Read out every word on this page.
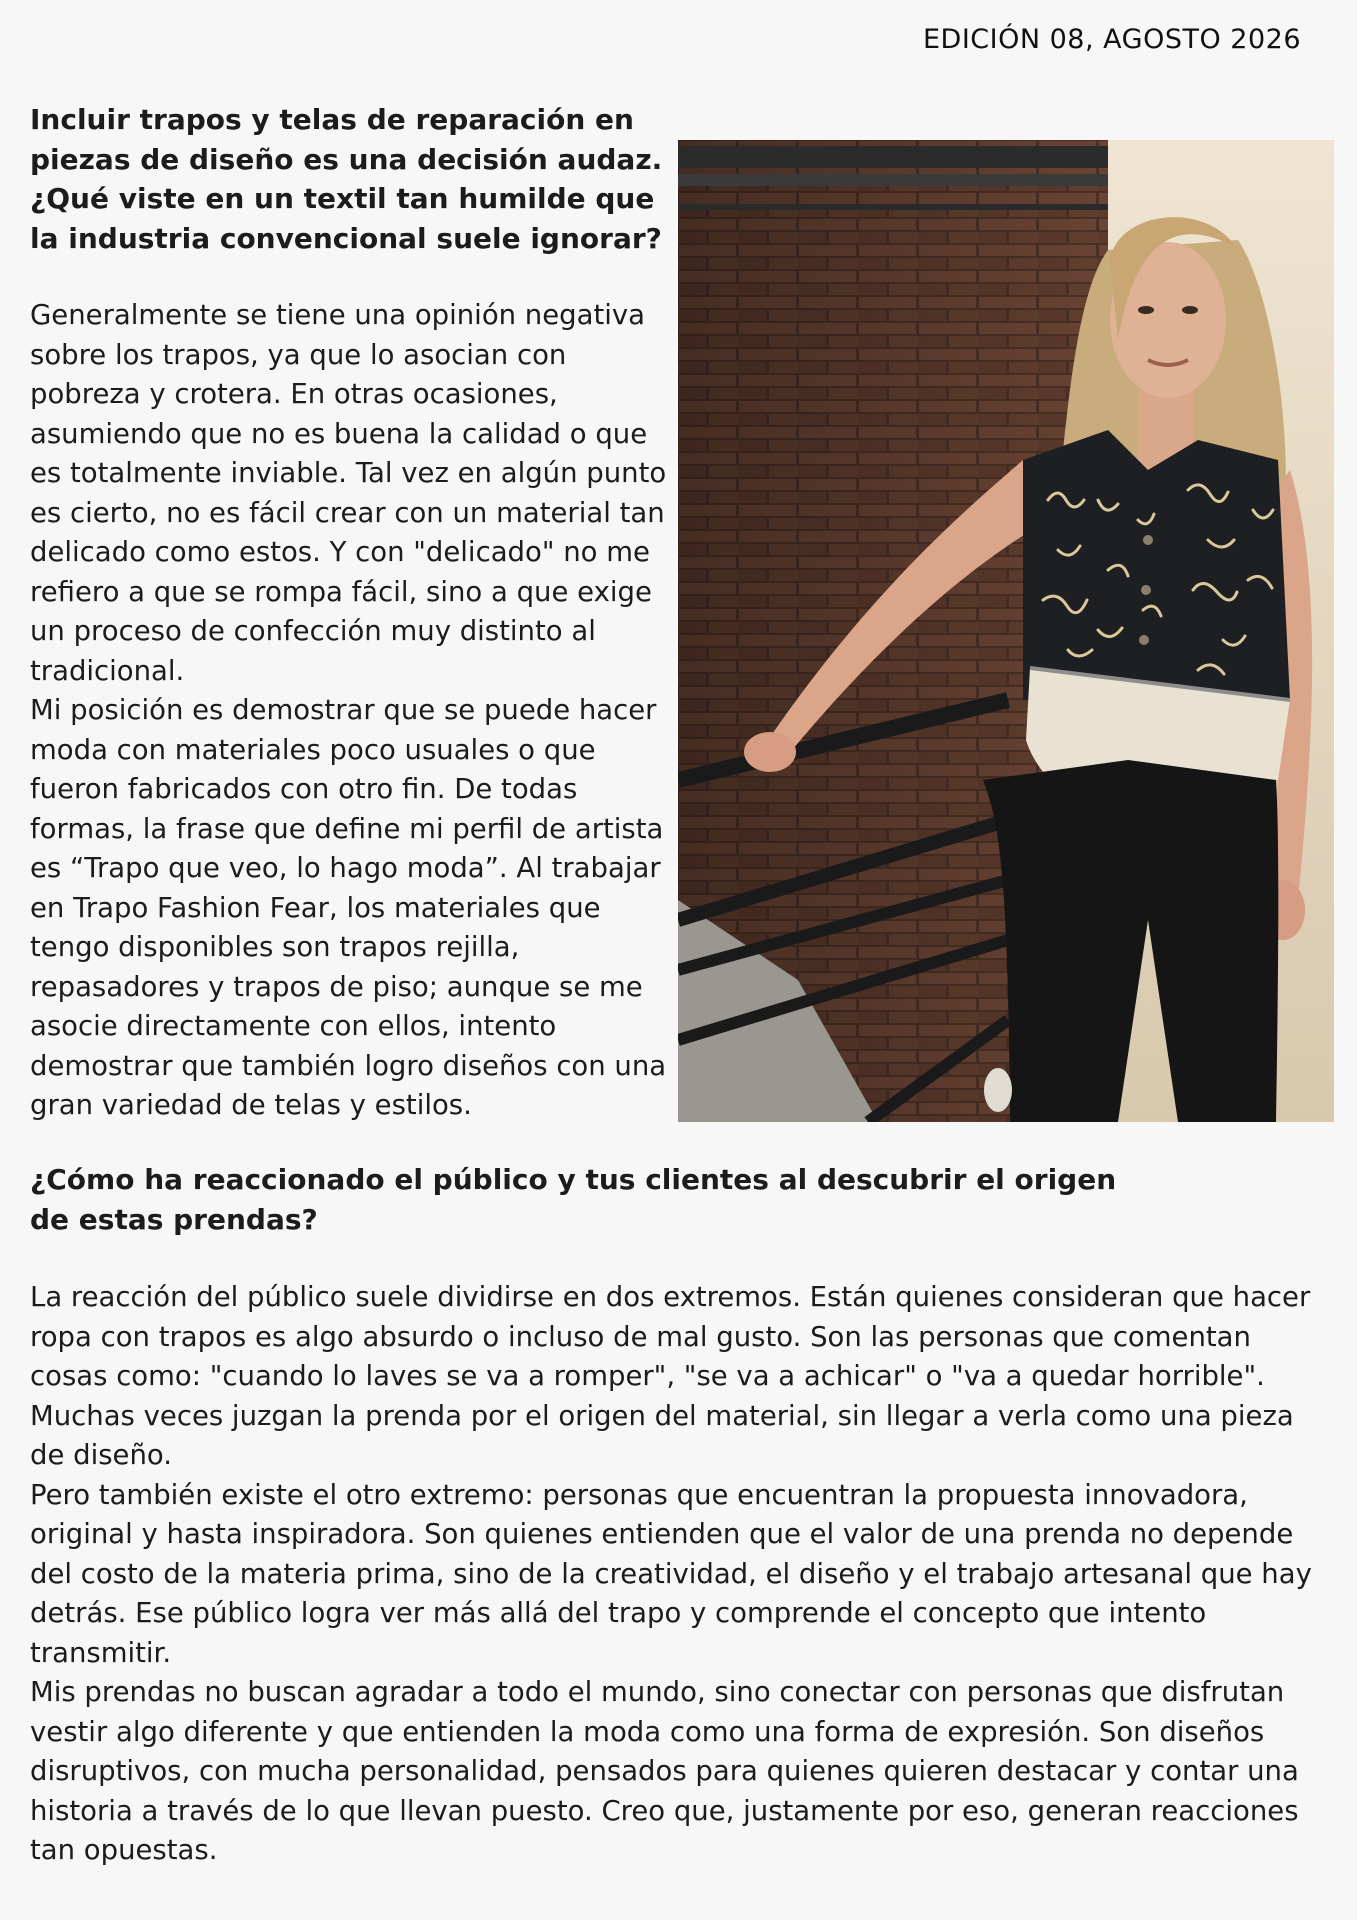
EDICIÓN 08, AGOSTO 2026
Incluir trapos y telas de reparación en piezas de diseño es una decisión audaz. ¿Qué viste en un textil tan humilde que la industria convencional suele ignorar?

Generalmente se tiene una opinión negativa sobre los trapos, ya que lo asocian con pobreza y crotera. En otras ocasiones, asumiendo que no es buena la calidad o que es totalmente inviable. Tal vez en algún punto es cierto, no es fácil crear con un material tan delicado como estos. Y con "delicado" no me refiero a que se rompa fácil, sino a que exige un proceso de confección muy distinto al tradicional.

Mi posición es demostrar que se puede hacer moda con materiales poco usuales o que fueron fabricados con otro fin. De todas formas, la frase que define mi perfil de artista es “Trapo que veo, lo hago moda”. Al trabajar en Trapo Fashion Fear, los materiales que tengo disponibles son trapos rejilla, repasadores y trapos de piso; aunque se me asocie directamente con ellos, intento demostrar que también logro diseños con una gran variedad de telas y estilos.

¿Cómo ha reaccionado el público y tus clientes al descubrir el origen de estas prendas?

La reacción del público suele dividirse en dos extremos. Están quienes consideran que hacer ropa con trapos es algo absurdo o incluso de mal gusto. Son las personas que comentan cosas como: "cuando lo laves se va a romper", "se va a achicar" o "va a quedar horrible". Muchas veces juzgan la prenda por el origen del material, sin llegar a verla como una pieza de diseño.

Pero también existe el otro extremo: personas que encuentran la propuesta innovadora, original y hasta inspiradora. Son quienes entienden que el valor de una prenda no depende del costo de la materia prima, sino de la creatividad, el diseño y el trabajo artesanal que hay detrás. Ese público logra ver más allá del trapo y comprende el concepto que intento transmitir.

Mis prendas no buscan agradar a todo el mundo, sino conectar con personas que disfrutan vestir algo diferente y que entienden la moda como una forma de expresión. Son diseños disruptivos, con mucha personalidad, pensados para quienes quieren destacar y contar una historia a través de lo que llevan puesto. Creo que, justamente por eso, generan reacciones tan opuestas.
